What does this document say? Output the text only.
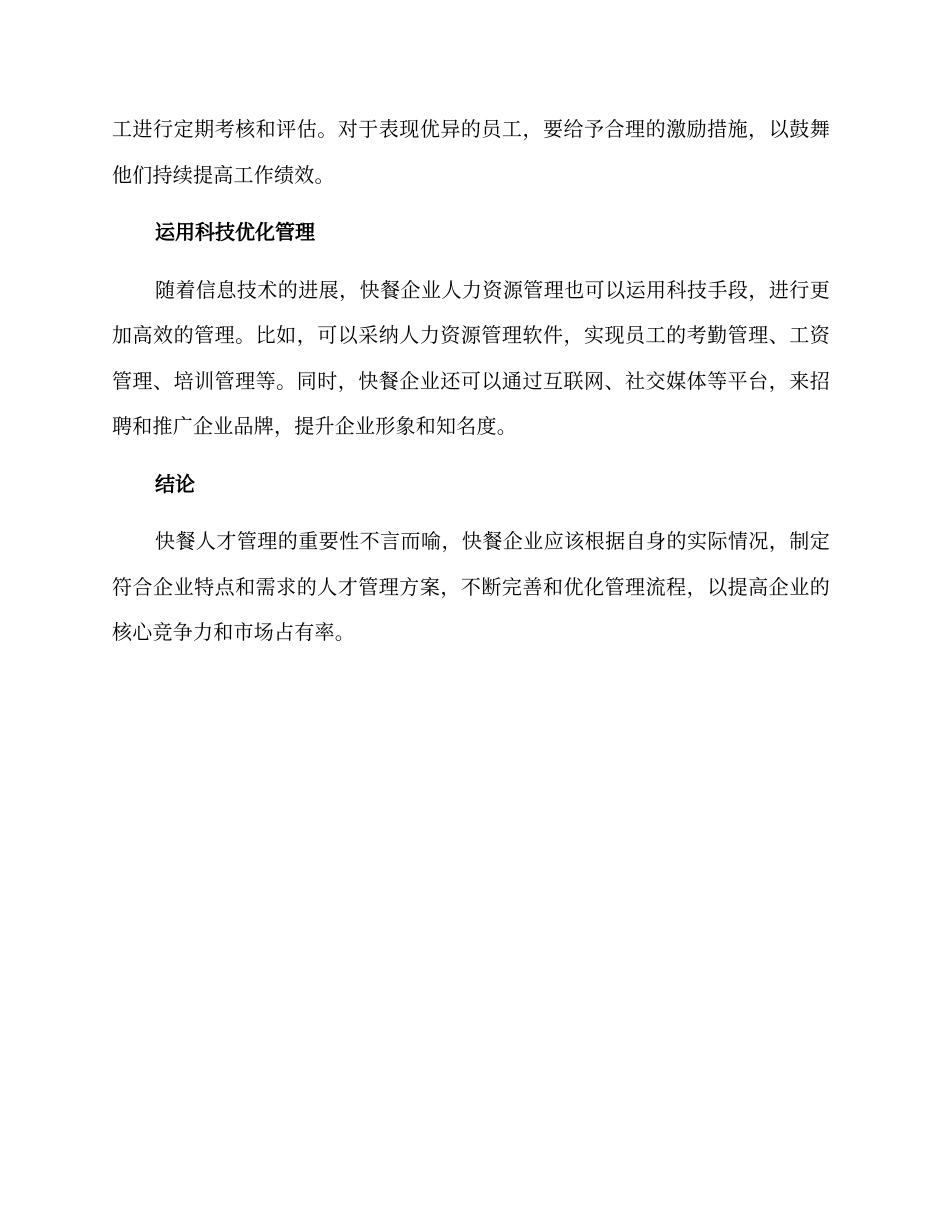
工进行定期考核和评估。对于表现优异的员工，要给予合理的激励措施，以鼓舞他们持续提高工作绩效。

运用科技优化管理

随着信息技术的进展，快餐企业人力资源管理也可以运用科技手段，进行更加高效的管理。比如，可以采纳人力资源管理软件，实现员工的考勤管理、工资管理、培训管理等。同时，快餐企业还可以通过互联网、社交媒体等平台，来招聘和推广企业品牌，提升企业形象和知名度。

结论

快餐人才管理的重要性不言而喻，快餐企业应该根据自身的实际情况，制定符合企业特点和需求的人才管理方案，不断完善和优化管理流程，以提高企业的核心竞争力和市场占有率。
